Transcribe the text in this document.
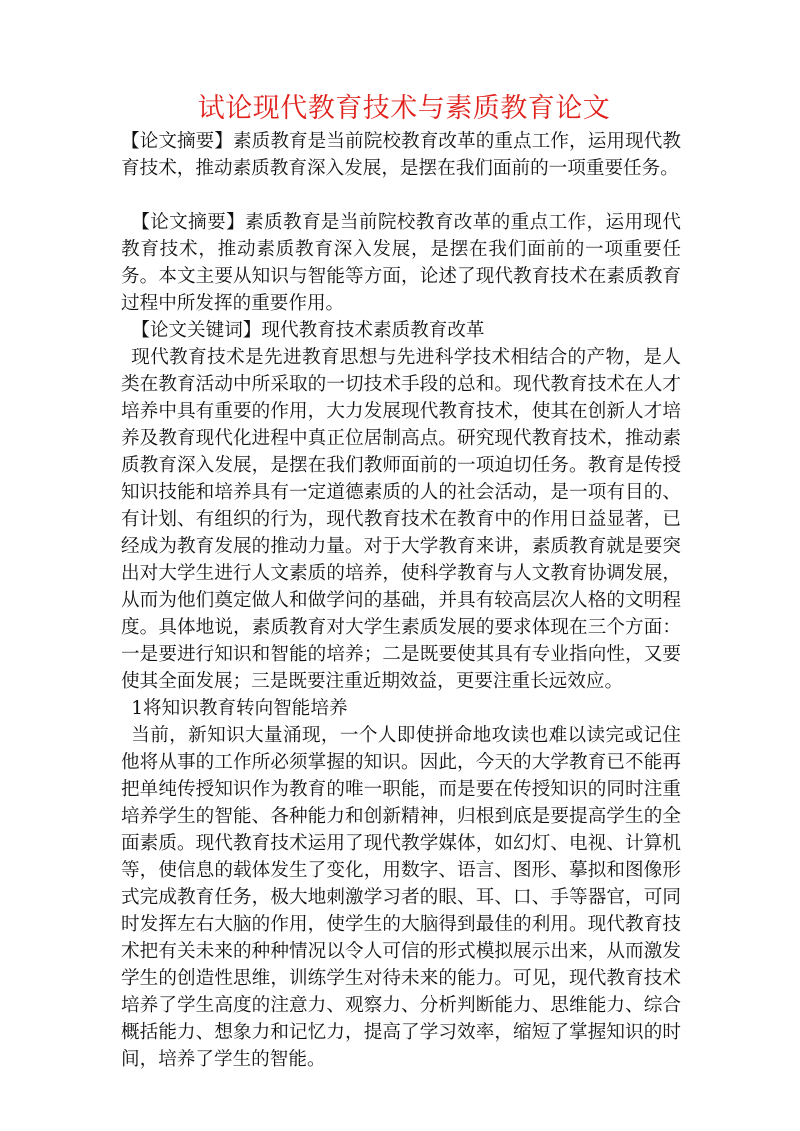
试论现代教育技术与素质教育论文

【论文摘要】素质教育是当前院校教育改革的重点工作，运用现代教育技术，推动素质教育深入发展，是摆在我们面前的一项重要任务。

【论文摘要】素质教育是当前院校教育改革的重点工作，运用现代教育技术，推动素质教育深入发展，是摆在我们面前的一项重要任务。本文主要从知识与智能等方面，论述了现代教育技术在素质教育过程中所发挥的重要作用。

【论文关键词】现代教育技术素质教育改革

现代教育技术是先进教育思想与先进科学技术相结合的产物，是人类在教育活动中所采取的一切技术手段的总和。现代教育技术在人才培养中具有重要的作用，大力发展现代教育技术，使其在创新人才培养及教育现代化进程中真正位居制高点。研究现代教育技术，推动素质教育深入发展，是摆在我们教师面前的一项迫切任务。教育是传授知识技能和培养具有一定道德素质的人的社会活动，是一项有目的、有计划、有组织的行为，现代教育技术在教育中的作用日益显著，已经成为教育发展的推动力量。对于大学教育来讲，素质教育就是要突出对大学生进行人文素质的培养，使科学教育与人文教育协调发展，从而为他们奠定做人和做学问的基础，并具有较高层次人格的文明程度。具体地说，素质教育对大学生素质发展的要求体现在三个方面：一是要进行知识和智能的培养；二是既要使其具有专业指向性，又要使其全面发展；三是既要注重近期效益，更要注重长远效应。

1将知识教育转向智能培养

当前，新知识大量涌现，一个人即使拼命地攻读也难以读完或记住他将从事的工作所必须掌握的知识。因此，今天的大学教育已不能再把单纯传授知识作为教育的唯一职能，而是要在传授知识的同时注重培养学生的智能、各种能力和创新精神，归根到底是要提高学生的全面素质。现代教育技术运用了现代教学媒体，如幻灯、电视、计算机等，使信息的载体发生了变化，用数字、语言、图形、摹拟和图像形式完成教育任务，极大地刺激学习者的眼、耳、口、手等器官，可同时发挥左右大脑的作用，使学生的大脑得到最佳的利用。现代教育技术把有关未来的种种情况以令人可信的形式模拟展示出来，从而激发学生的创造性思维，训练学生对待未来的能力。可见，现代教育技术培养了学生高度的注意力、观察力、分析判断能力、思维能力、综合概括能力、想象力和记忆力，提高了学习效率，缩短了掌握知识的时间，培养了学生的智能。
